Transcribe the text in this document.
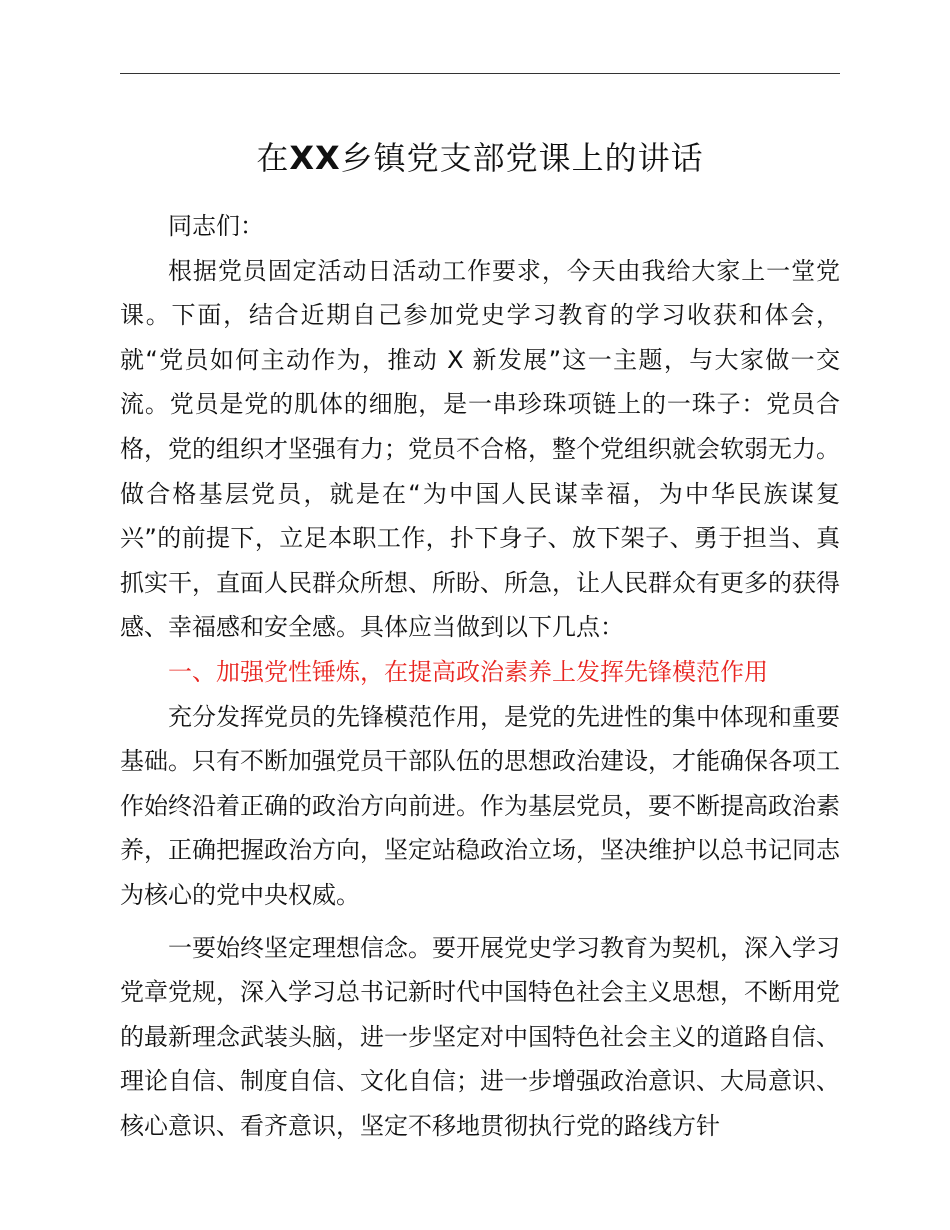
在XX乡镇党支部党课上的讲话

同志们：

根据党员固定活动日活动工作要求，今天由我给大家上一堂党课。下面，结合近期自己参加党史学习教育的学习收获和体会，就“党员如何主动作为，推动 X 新发展”这一主题，与大家做一交流。党员是党的肌体的细胞，是一串珍珠项链上的一珠子：党员合格，党的组织才坚强有力；党员不合格，整个党组织就会软弱无力。做合格基层党员，就是在“为中国人民谋幸福，为中华民族谋复兴”的前提下，立足本职工作，扑下身子、放下架子、勇于担当、真抓实干，直面人民群众所想、所盼、所急，让人民群众有更多的获得感、幸福感和安全感。具体应当做到以下几点：

一、加强党性锤炼，在提高政治素养上发挥先锋模范作用

充分发挥党员的先锋模范作用，是党的先进性的集中体现和重要基础。只有不断加强党员干部队伍的思想政治建设，才能确保各项工作始终沿着正确的政治方向前进。作为基层党员，要不断提高政治素养，正确把握政治方向，坚定站稳政治立场，坚决维护以总书记同志为核心的党中央权威。

一要始终坚定理想信念。要开展党史学习教育为契机，深入学习党章党规，深入学习总书记新时代中国特色社会主义思想，不断用党的最新理念武装头脑，进一步坚定对中国特色社会主义的道路自信、理论自信、制度自信、文化自信；进一步增强政治意识、大局意识、核心意识、看齐意识，坚定不移地贯彻执行党的路线方针
